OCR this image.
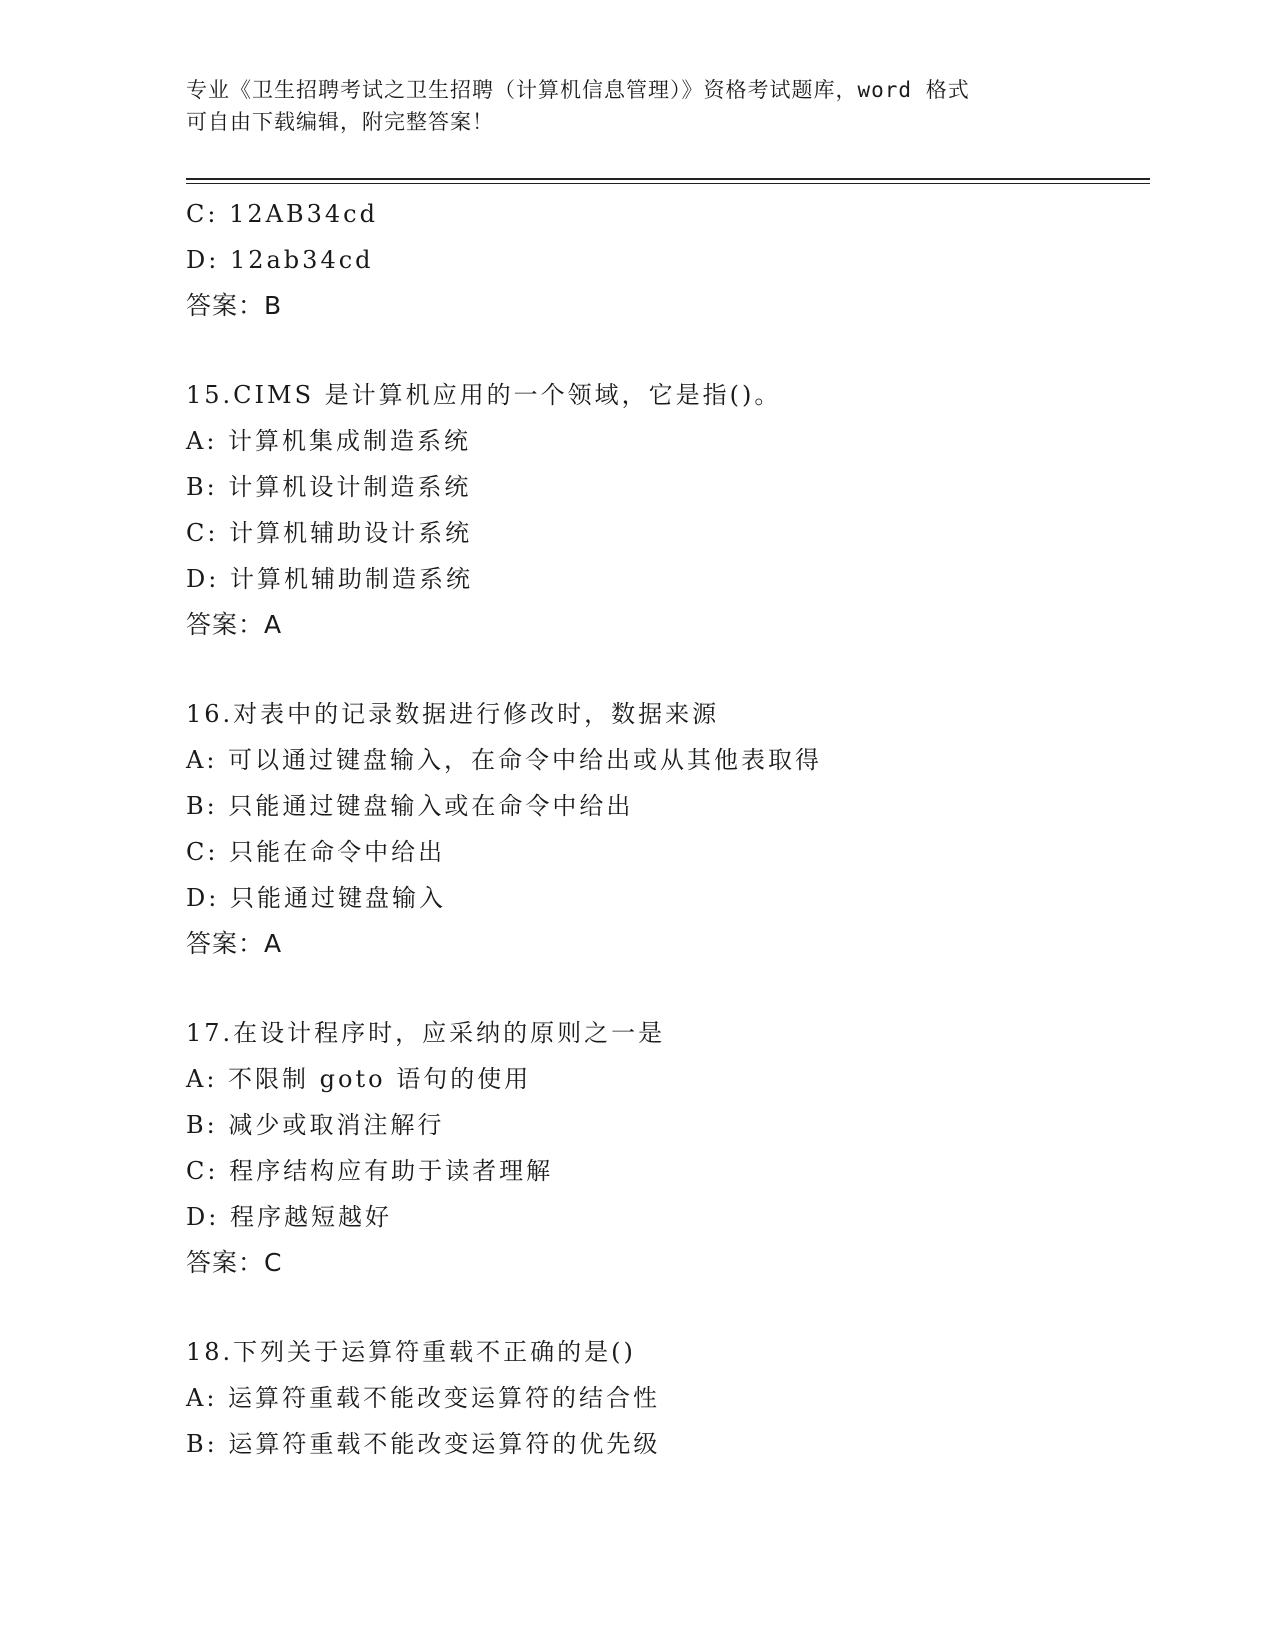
专业《卫生招聘考试之卫生招聘（计算机信息管理）》资格考试题库，word 格式
可自由下载编辑，附完整答案！
C: 12AB34cd
D: 12ab34cd
答案：B
15.CIMS 是计算机应用的一个领域，它是指()。
A: 计算机集成制造系统
B: 计算机设计制造系统
C: 计算机辅助设计系统
D: 计算机辅助制造系统
答案：A
16.对表中的记录数据进行修改时，数据来源
A: 可以通过键盘输入，在命令中给出或从其他表取得
B: 只能通过键盘输入或在命令中给出
C: 只能在命令中给出
D: 只能通过键盘输入
答案：A
17.在设计程序时，应采纳的原则之一是
A: 不限制 goto 语句的使用
B: 减少或取消注解行
C: 程序结构应有助于读者理解
D: 程序越短越好
答案：C
18.下列关于运算符重载不正确的是()
A: 运算符重载不能改变运算符的结合性
B: 运算符重载不能改变运算符的优先级
